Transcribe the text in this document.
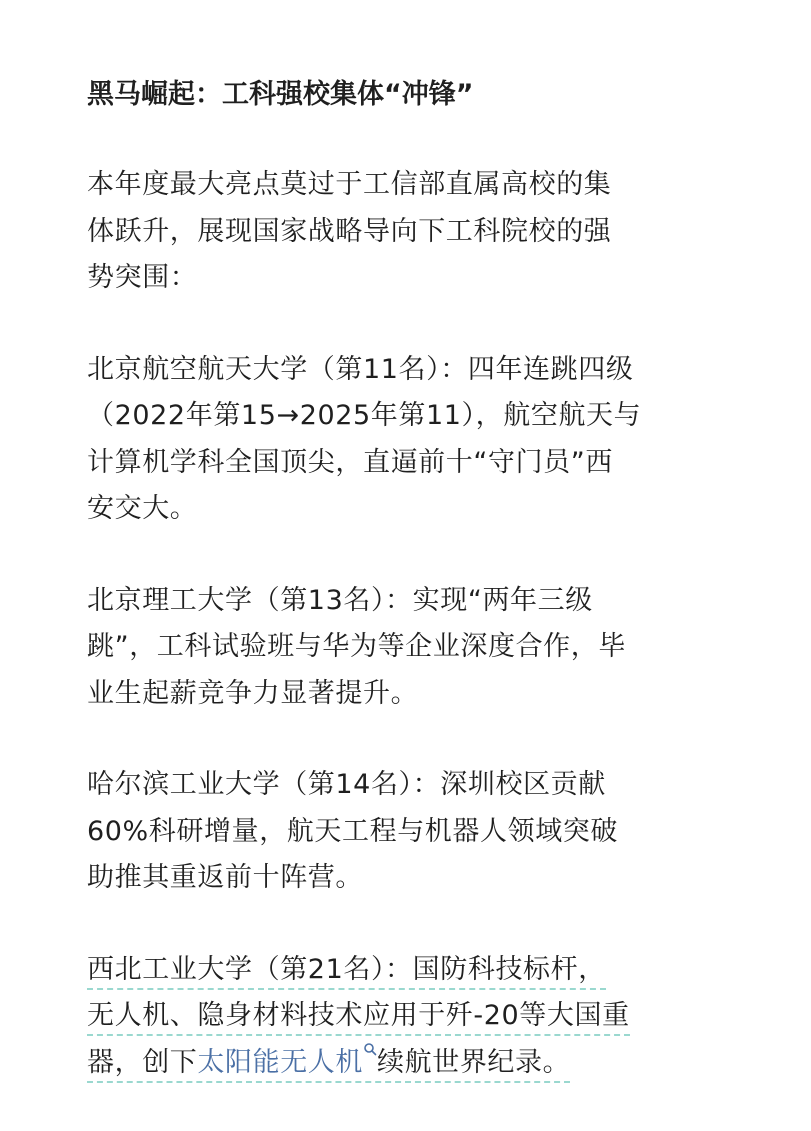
黑马崛起：工科强校集体“冲锋”
本年度最大亮点莫过于工信部直属高校的集
体跃升，展现国家战略导向下工科院校的强
势突围：
北京航空航天大学（第11名）：四年连跳四级
（2022年第15→2025年第11），航空航天与
计算机学科全国顶尖，直逼前十“守门员”西
安交大。
北京理工大学（第13名）：实现“两年三级
跳”，工科试验班与华为等企业深度合作，毕
业生起薪竞争力显著提升。
哈尔滨工业大学（第14名）：深圳校区贡献
60%科研增量，航天工程与机器人领域突破
助推其重返前十阵营。
西北工业大学（第21名）：国防科技标杆，
无人机、隐身材料技术应用于歼-20等大国重
器，创下太阳能无人机 续航世界纪录。
